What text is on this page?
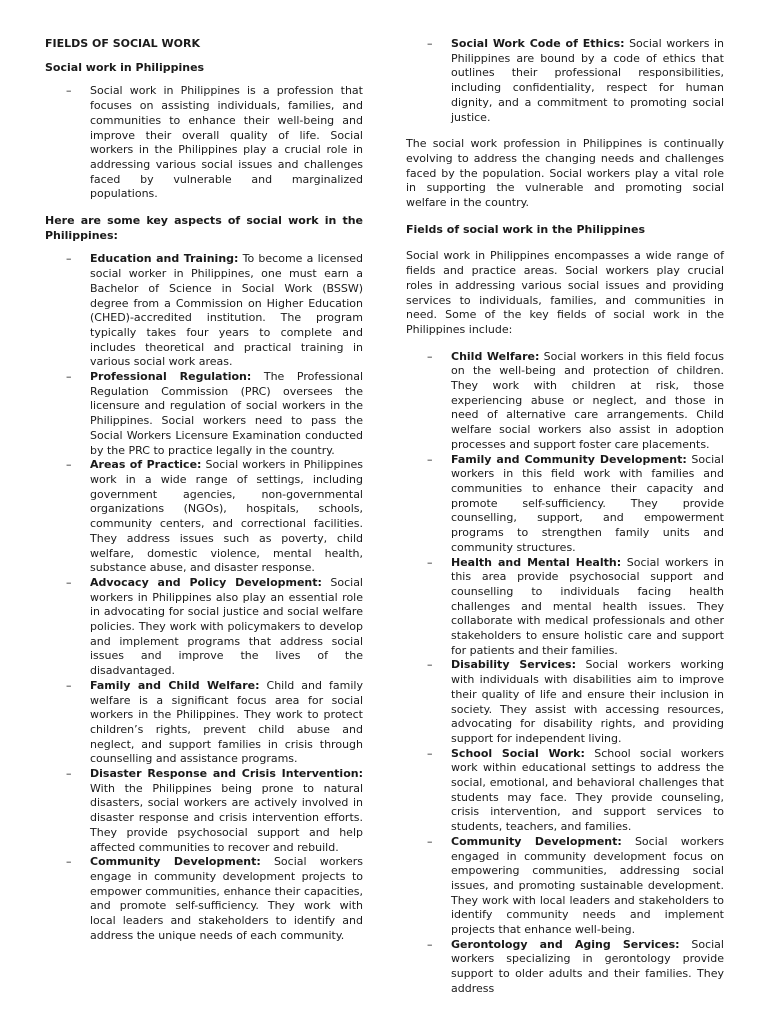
FIELDS OF SOCIAL WORK
Social work in Philippines
– Social work in Philippines is a profession that focuses on assisting individuals, families, and communities to enhance their well-being and improve their overall quality of life. Social workers in the Philippines play a crucial role in addressing various social issues and challenges faced by vulnerable and marginalized populations.
Here are some key aspects of social work in the Philippines:
– Education and Training: To become a licensed social worker in Philippines, one must earn a Bachelor of Science in Social Work (BSSW) degree from a Commission on Higher Education (CHED)-accredited institution. The program typically takes four years to complete and includes theoretical and practical training in various social work areas.
– Professional Regulation: The Professional Regulation Commission (PRC) oversees the licensure and regulation of social workers in the Philippines. Social workers need to pass the Social Workers Licensure Examination conducted by the PRC to practice legally in the country.
– Areas of Practice: Social workers in Philippines work in a wide range of settings, including government agencies, non-governmental organizations (NGOs), hospitals, schools, community centers, and correctional facilities. They address issues such as poverty, child welfare, domestic violence, mental health, substance abuse, and disaster response.
– Advocacy and Policy Development: Social workers in Philippines also play an essential role in advocating for social justice and social welfare policies. They work with policymakers to develop and implement programs that address social issues and improve the lives of the disadvantaged.
– Family and Child Welfare: Child and family welfare is a significant focus area for social workers in the Philippines. They work to protect children’s rights, prevent child abuse and neglect, and support families in crisis through counselling and assistance programs.
– Disaster Response and Crisis Intervention: With the Philippines being prone to natural disasters, social workers are actively involved in disaster response and crisis intervention efforts. They provide psychosocial support and help affected communities to recover and rebuild.
– Community Development: Social workers engage in community development projects to empower communities, enhance their capacities, and promote self-sufficiency. They work with local leaders and stakeholders to identify and address the unique needs of each community.
– Social Work Code of Ethics: Social workers in Philippines are bound by a code of ethics that outlines their professional responsibilities, including confidentiality, respect for human dignity, and a commitment to promoting social justice.
The social work profession in Philippines is continually evolving to address the changing needs and challenges faced by the population. Social workers play a vital role in supporting the vulnerable and promoting social welfare in the country.
Fields of social work in the Philippines
Social work in Philippines encompasses a wide range of fields and practice areas. Social workers play crucial roles in addressing various social issues and providing services to individuals, families, and communities in need. Some of the key fields of social work in the Philippines include:
– Child Welfare: Social workers in this field focus on the well-being and protection of children. They work with children at risk, those experiencing abuse or neglect, and those in need of alternative care arrangements. Child welfare social workers also assist in adoption processes and support foster care placements.
– Family and Community Development: Social workers in this field work with families and communities to enhance their capacity and promote self-sufficiency. They provide counselling, support, and empowerment programs to strengthen family units and community structures.
– Health and Mental Health: Social workers in this area provide psychosocial support and counselling to individuals facing health challenges and mental health issues. They collaborate with medical professionals and other stakeholders to ensure holistic care and support for patients and their families.
– Disability Services: Social workers working with individuals with disabilities aim to improve their quality of life and ensure their inclusion in society. They assist with accessing resources, advocating for disability rights, and providing support for independent living.
– School Social Work: School social workers work within educational settings to address the social, emotional, and behavioral challenges that students may face. They provide counseling, crisis intervention, and support services to students, teachers, and families.
– Community Development: Social workers engaged in community development focus on empowering communities, addressing social issues, and promoting sustainable development. They work with local leaders and stakeholders to identify community needs and implement projects that enhance well-being.
– Gerontology and Aging Services: Social workers specializing in gerontology provide support to older adults and their families. They address
